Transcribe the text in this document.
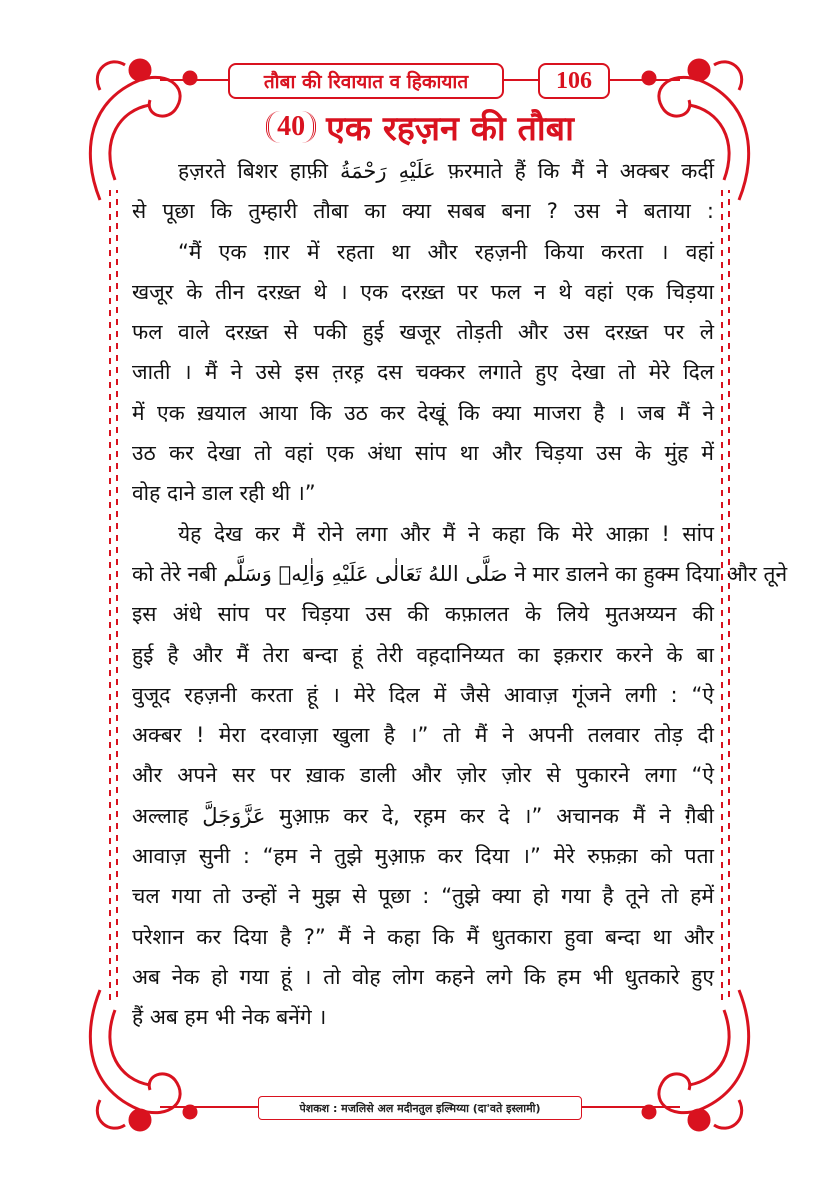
तौबा की रिवायात व हिकायात	106
40 एक रहज़न की तौबा
हज़रते बिशर हाफ़ी عَلَيْهِ رَحْمَةُ फ़रमाते हैं कि मैं ने अक्बर कर्दी
से पूछा कि तुम्हारी तौबा का क्या सबब बना ? उस ने बताया :
“मैं एक ग़ार में रहता था और रहज़नी किया करता । वहां
खजूर के तीन दरख़्त थे । एक दरख़्त पर फल न थे वहां एक चिड़या
फल वाले दरख़्त से पकी हुई खजूर तोड़ती और उस दरख़्त पर ले
जाती । मैं ने उसे इस त़रह़ दस चक्कर लगाते हुए देखा तो मेरे दिल
में एक ख़याल आया कि उठ कर देखूं कि क्या माजरा है । जब मैं ने
उठ कर देखा तो वहां एक अंधा सांप था और चिड़या उस के मुंह में
वोह दाने डाल रही थी ।”
येह देख कर मैं रोने लगा और मैं ने कहा कि मेरे आक़ा ! सांप
को तेरे नबी صَلَّى اللهُ تَعَالٰى عَلَيْهِ وَاٰلِهٖ وَسَلَّم ने मार डालने का हुक्म दिया और तूने
इस अंधे सांप पर चिड़या उस की कफ़ालत के लिये मुतअय्यन की
हुई है और मैं तेरा बन्दा हूं तेरी वह़दानिय्यत का इक़रार करने के बा
वुजूद रहज़नी करता हूं । मेरे दिल में जैसे आवाज़ गूंजने लगी : “ऐ
अक्बर ! मेरा दरवाज़ा खुला है ।” तो मैं ने अपनी तलवार तोड़ दी
और अपने सर पर ख़ाक डाली और ज़ोर ज़ोर से पुकारने लगा “ऐ
अल्लाह عَزَّوَجَلَّ मुआ़फ़ कर दे, रह़म कर दे ।” अचानक मैं ने ग़ैबी
आवाज़ सुनी : “हम ने तुझे मुआ़फ़ कर दिया ।” मेरे रुफ़क़ा को पता
चल गया तो उन्हों ने मुझ से पूछा : “तुझे क्या हो गया है तूने तो हमें
परेशान कर दिया है ?” मैं ने कहा कि मैं धुतकारा हुवा बन्दा था और
अब नेक हो गया हूं । तो वोह लोग कहने लगे कि हम भी धुतकारे हुए
हैं अब हम भी नेक बनेंगे ।
पेशकश : मजलिसे अल मदीनतुल इल्मिय्या (दा'वते इस्लामी)
